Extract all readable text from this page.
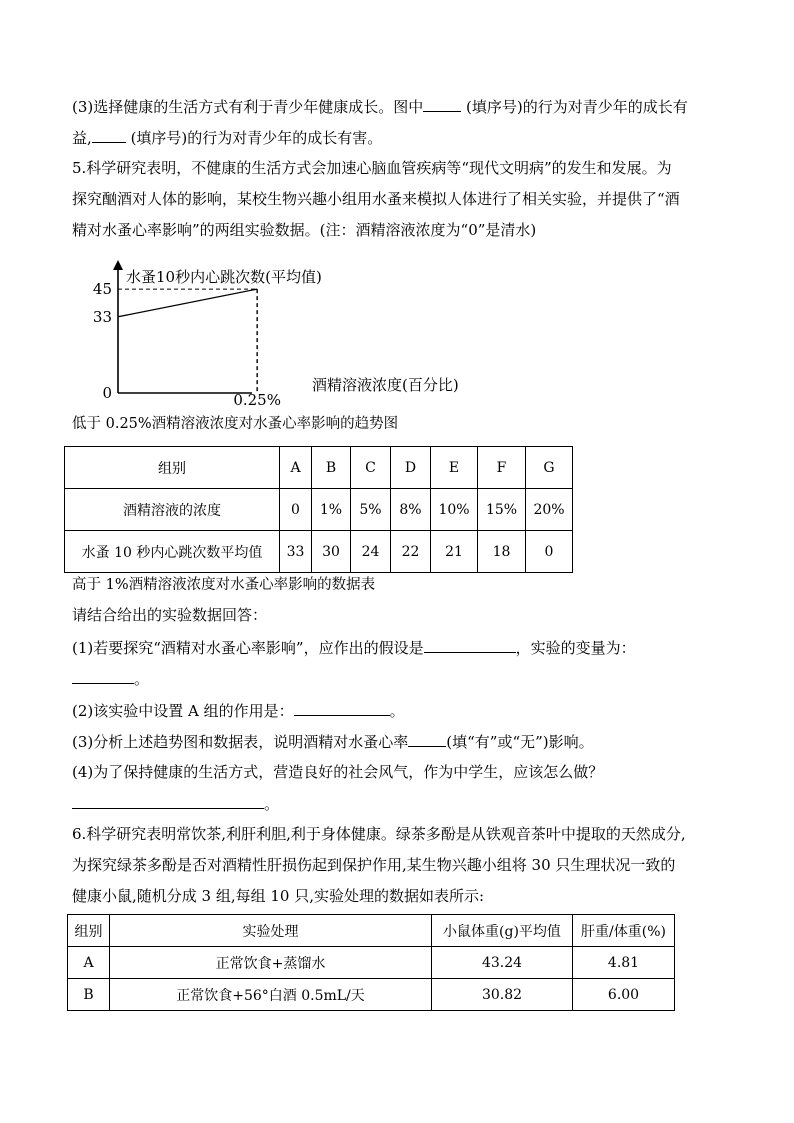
(3)选择健康的生活方式有利于青少年健康成长。图中	(填序号)的行为对青少年的成长有
益,	(填序号)的行为对青少年的成长有害。
5.科学研究表明，不健康的生活方式会加速心脑血管疾病等“现代文明病”的发生和发展。为
探究酗酒对人体的影响，某校生物兴趣小组用水蚤来模拟人体进行了相关实验，并提供了“酒
精对水蚤心率影响”的两组实验数据。(注：酒精溶液浓度为“0”是清水)
水蚤10秒内心跳次数(平均值)
酒精溶液浓度(百分比)
45
33
0	0.25%
低于 0.25%酒精溶液浓度对水蚤心率影响的趋势图
组别	A	B	C	D	E	F	G
酒精溶液的浓度	0	1%	5%	8%	10%	15%	20%
水蚤 10 秒内心跳次数平均值	33	30	24	22	21	18	0
高于 1%酒精溶液浓度对水蚤心率影响的数据表
请结合给出的实验数据回答：
(1)若要探究“酒精对水蚤心率影响”，应作出的假设是	，实验的变量为：
。
(2)该实验中设置 A 组的作用是：	。
(3)分析上述趋势图和数据表，说明酒精对水蚤心率	(填“有”或“无”)影响。
(4)为了保持健康的生活方式，营造良好的社会风气，作为中学生，应该怎么做？
。
6.科学研究表明常饮茶,利肝利胆,利于身体健康。绿茶多酚是从铁观音茶叶中提取的天然成分,
为探究绿茶多酚是否对酒精性肝损伤起到保护作用,某生物兴趣小组将 30 只生理状况一致的
健康小鼠,随机分成 3 组,每组 10 只,实验处理的数据如表所示:
组别	实验处理	小鼠体重(g)平均值	肝重/体重(%)
A	正常饮食+蒸馏水	43.24	4.81
B	正常饮食+56°白酒 0.5mL/天	30.82	6.00
